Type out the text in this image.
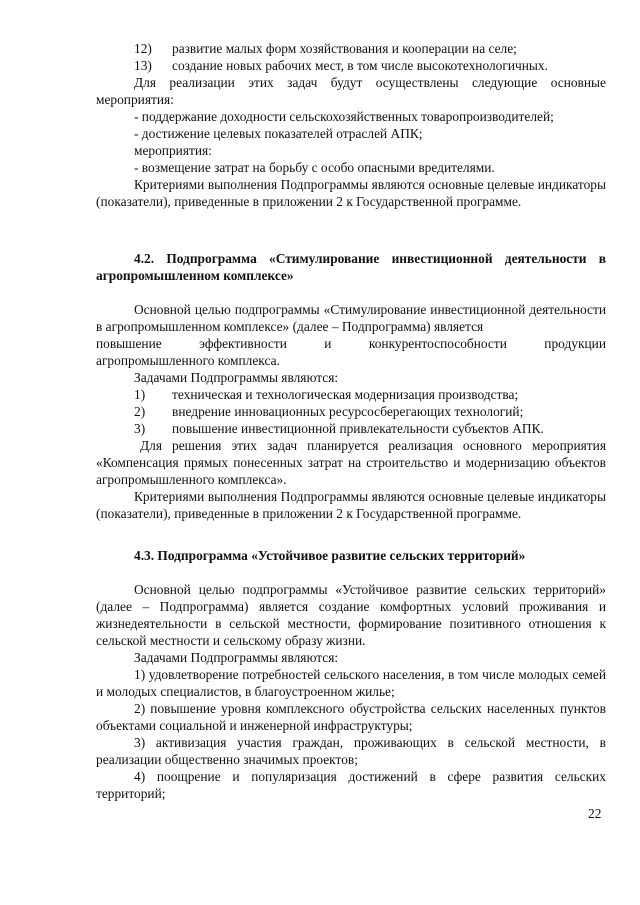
12)	развитие малых форм хозяйствования и кооперации на селе;
13)	создание новых рабочих мест, в том числе высокотехнологичных.

Для реализации этих задач будут осуществлены следующие основные мероприятия:

- поддержание доходности сельскохозяйственных товаропроизводителей;

- достижение целевых показателей отраслей АПК;

мероприятия:

- возмещение затрат на борьбу с особо опасными вредителями.

Критериями выполнения Подпрограммы являются основные целевые индикаторы (показатели), приведенные в приложении 2 к Государственной программе.

4.2. Подпрограмма «Стимулирование инвестиционной деятельности в агропромышленном комплексе»

Основной целью подпрограммы «Стимулирование инвестиционной деятельности в агропромышленном комплексе» (далее – Подпрограмма) является

повышение эффективности и конкурентоспособности продукции

агропромышленного комплекса.

Задачами Подпрограммы являются:

1)	техническая и технологическая модернизация производства;
2)	внедрение инновационных ресурсосберегающих технологий;
3)	повышение инвестиционной привлекательности субъектов АПК.

Для решения этих задач планируется реализация основного мероприятия «Компенсация прямых понесенных затрат на строительство и модернизацию объектов агропромышленного комплекса».

Критериями выполнения Подпрограммы являются основные целевые индикаторы (показатели), приведенные в приложении 2 к Государственной программе.

4.3. Подпрограмма «Устойчивое развитие сельских территорий»

Основной целью подпрограммы «Устойчивое развитие сельских территорий» (далее – Подпрограмма) является создание комфортных условий проживания и жизнедеятельности в сельской местности, формирование позитивного отношения к сельской местности и сельскому образу жизни.

Задачами Подпрограммы являются:

1) удовлетворение потребностей сельского населения, в том числе молодых семей и молодых специалистов, в благоустроенном жилье;

2) повышение уровня комплексного обустройства сельских населенных пунктов объектами социальной и инженерной инфраструктуры;

3) активизация участия граждан, проживающих в сельской местности, в реализации общественно значимых проектов;

4) поощрение и популяризация достижений в сфере развития сельских территорий;

22
